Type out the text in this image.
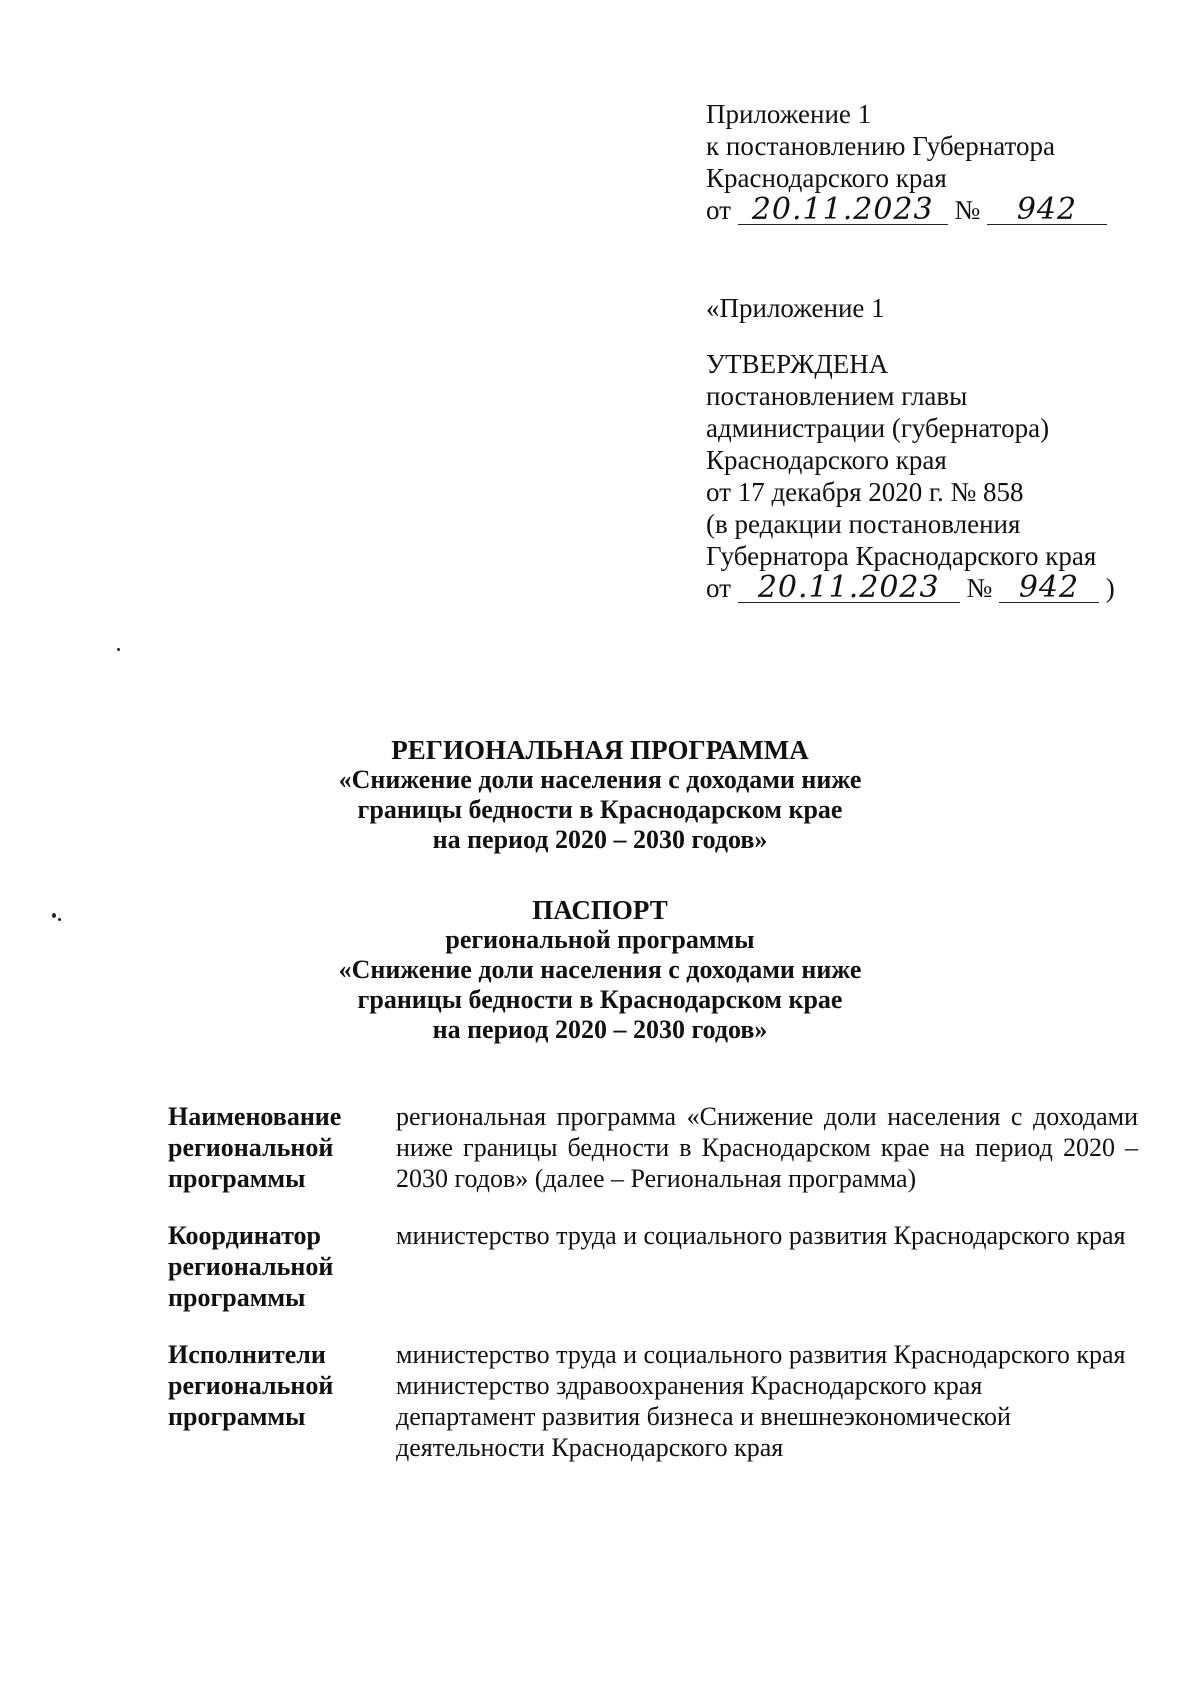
Приложение 1
к постановлению Губернатора
Краснодарского края
от 20.11.2023 № 942
«Приложение 1
УТВЕРЖДЕНА
постановлением главы
администрации (губернатора)
Краснодарского края
от 17 декабря 2020 г. № 858
(в редакции постановления
Губернатора Краснодарского края
от 20.11.2023 № 942 )
РЕГИОНАЛЬНАЯ ПРОГРАММА
«Снижение доли населения с доходами ниже
границы бедности в Краснодарском крае
на период 2020 – 2030 годов»
ПАСПОРТ
региональной программы
«Снижение доли населения с доходами ниже
границы бедности в Краснодарском крае
на период 2020 – 2030 годов»
Наименование
региональной
программы	региональная программа «Снижение доли населения с доходами ниже границы бедности в Краснодарском крае на период 2020 – 2030 годов» (далее – Региональная программа)

Координатор
региональной
программы	министерство труда и социального развития Краснодарского края

Исполнители
региональной
программы	министерство труда и социального развития Краснодарского края
министерство здравоохранения Краснодарского края
департамент развития бизнеса и внешнеэкономической деятельности Краснодарского края
